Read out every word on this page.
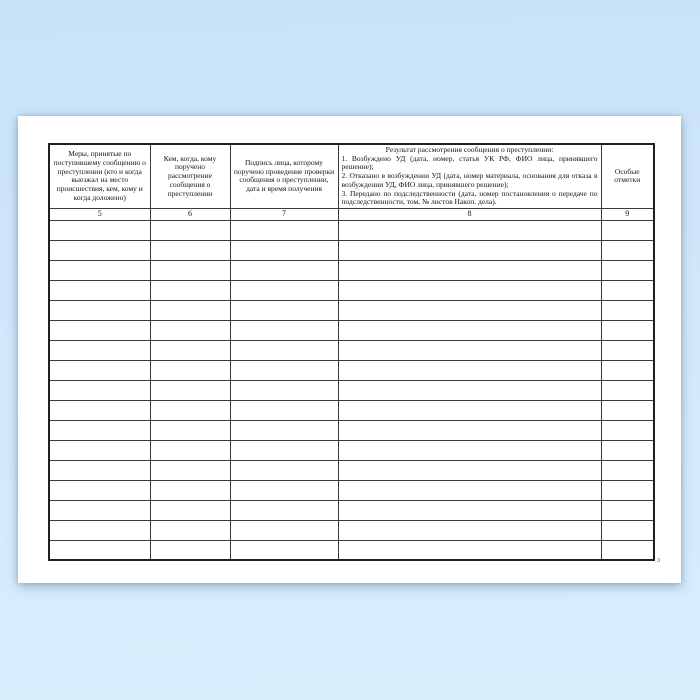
Меры, принятые по поступившему сообщению о преступлении (кто и когда выезжал на место происшествия, кем, кому и когда доложено)	Кем, когда, кому поручено рассмотрение сообщения о преступлении	Подпись лица, которому поручено проведение проверки сообщения о преступлении, дата и время получения	Результат рассмотрения сообщения о преступлении:
1. Возбуждено УД (дата, номер, статья УК РФ, ФИО лица, принявшего решение);
2. Отказано в возбуждении УД (дата, номер материала, основания для отказа в возбуждении УД, ФИО лица, принявшего решение);
3. Передано по подследственности (дата, номер постановления о передаче по подследственности, том, № листов Накоп. дела).	Особые отметки
5	6	7	8	9

3
